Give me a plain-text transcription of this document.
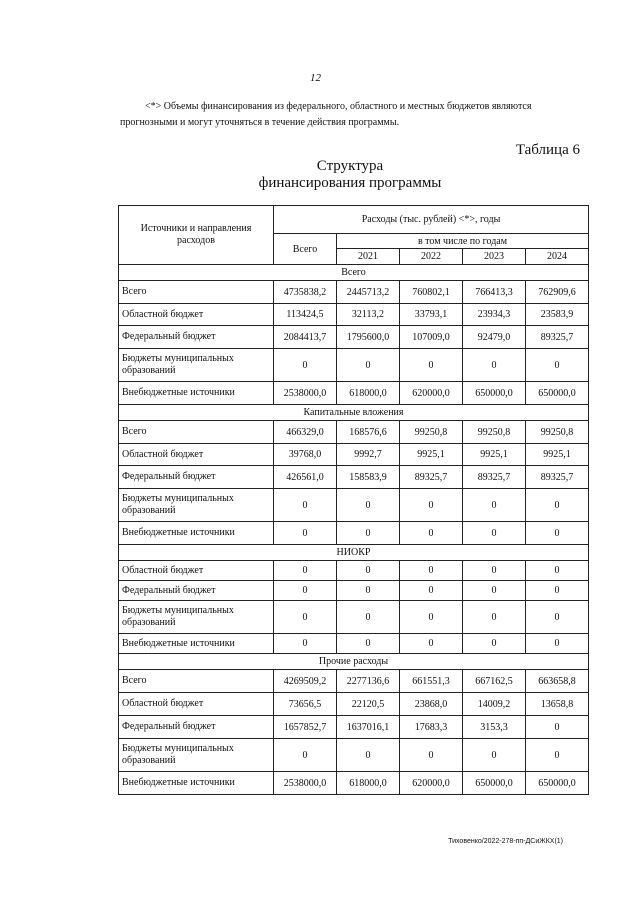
12
<*> Объемы финансирования из федерального, областного и местных бюджетов являются
прогнозными и могут уточняться в течение действия программы.
Таблица 6
Структура
финансирования программы
Источники и направления расходов	Расходы (тыс. рублей) <*>, годы				
	Всего	в том числе по годам			
		2021	2022	2023	2024
Всего					
Всего	4735838,2	2445713,2	760802,1	766413,3	762909,6
Областной бюджет	113424,5	32113,2	33793,1	23934,3	23583,9
Федеральный бюджет	2084413,7	1795600,0	107009,0	92479,0	89325,7
Бюджеты муниципальных образований	0	0	0	0	0
Внебюджетные источники	2538000,0	618000,0	620000,0	650000,0	650000,0
Капитальные вложения					
Всего	466329,0	168576,6	99250,8	99250,8	99250,8
Областной бюджет	39768,0	9992,7	9925,1	9925,1	9925,1
Федеральный бюджет	426561,0	158583,9	89325,7	89325,7	89325,7
Бюджеты муниципальных образований	0	0	0	0	0
Внебюджетные источники	0	0	0	0	0
НИОКР					
Областной бюджет	0	0	0	0	0
Федеральный бюджет	0	0	0	0	0
Бюджеты муниципальных образований	0	0	0	0	0
Внебюджетные источники	0	0	0	0	0
Прочие расходы					
Всего	4269509,2	2277136,6	661551,3	667162,5	663658,8
Областной бюджет	73656,5	22120,5	23868,0	14009,2	13658,8
Федеральный бюджет	1657852,7	1637016,1	17683,3	3153,3	0
Бюджеты муниципальных образований	0	0	0	0	0
Внебюджетные источники	2538000,0	618000,0	620000,0	650000,0	650000,0
Тиховенко/2022-278-пп-ДСиЖКХ(1)
